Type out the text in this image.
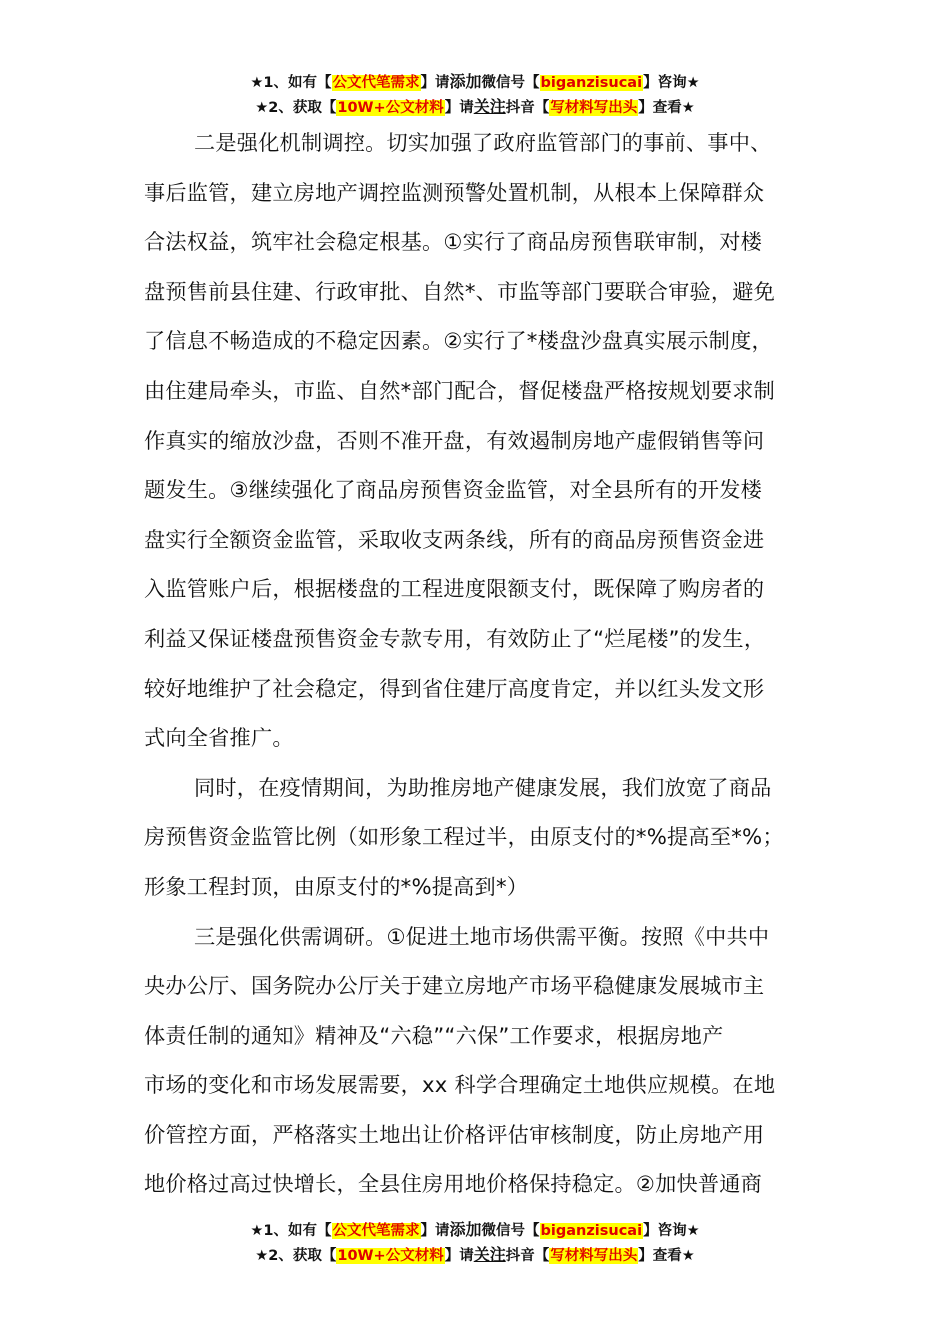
★1、如有【公文代笔需求】请添加微信号【biganzisucai】咨询★
★2、获取【10W+公文材料】请关注抖音【写材料写出头】查看★

二是强化机制调控。切实加强了政府监管部门的事前、事中、
事后监管，建立房地产调控监测预警处置机制，从根本上保障群众
合法权益，筑牢社会稳定根基。①实行了商品房预售联审制，对楼
盘预售前县住建、行政审批、自然*、市监等部门要联合审验，避免
了信息不畅造成的不稳定因素。②实行了*楼盘沙盘真实展示制度，
由住建局牵头，市监、自然*部门配合，督促楼盘严格按规划要求制
作真实的缩放沙盘，否则不准开盘，有效遏制房地产虚假销售等问
题发生。③继续强化了商品房预售资金监管，对全县所有的开发楼
盘实行全额资金监管，采取收支两条线，所有的商品房预售资金进
入监管账户后，根据楼盘的工程进度限额支付，既保障了购房者的
利益又保证楼盘预售资金专款专用，有效防止了“烂尾楼”的发生，
较好地维护了社会稳定，得到省住建厅高度肯定，并以红头发文形
式向全省推广。

同时，在疫情期间，为助推房地产健康发展，我们放宽了商品
房预售资金监管比例（如形象工程过半，由原支付的*%提高至*%；
形象工程封顶，由原支付的*%提高到*）

三是强化供需调研。①促进土地市场供需平衡。按照《中共中
央办公厅、国务院办公厅关于建立房地产市场平稳健康发展城市主
体责任制的通知》精神及“六稳”“六保”工作要求，根据房地产
市场的变化和市场发展需要，xx 科学合理确定土地供应规模。在地
价管控方面，严格落实土地出让价格评估审核制度，防止房地产用
地价格过高过快增长，全县住房用地价格保持稳定。②加快普通商

★1、如有【公文代笔需求】请添加微信号【biganzisucai】咨询★
★2、获取【10W+公文材料】请关注抖音【写材料写出头】查看★
